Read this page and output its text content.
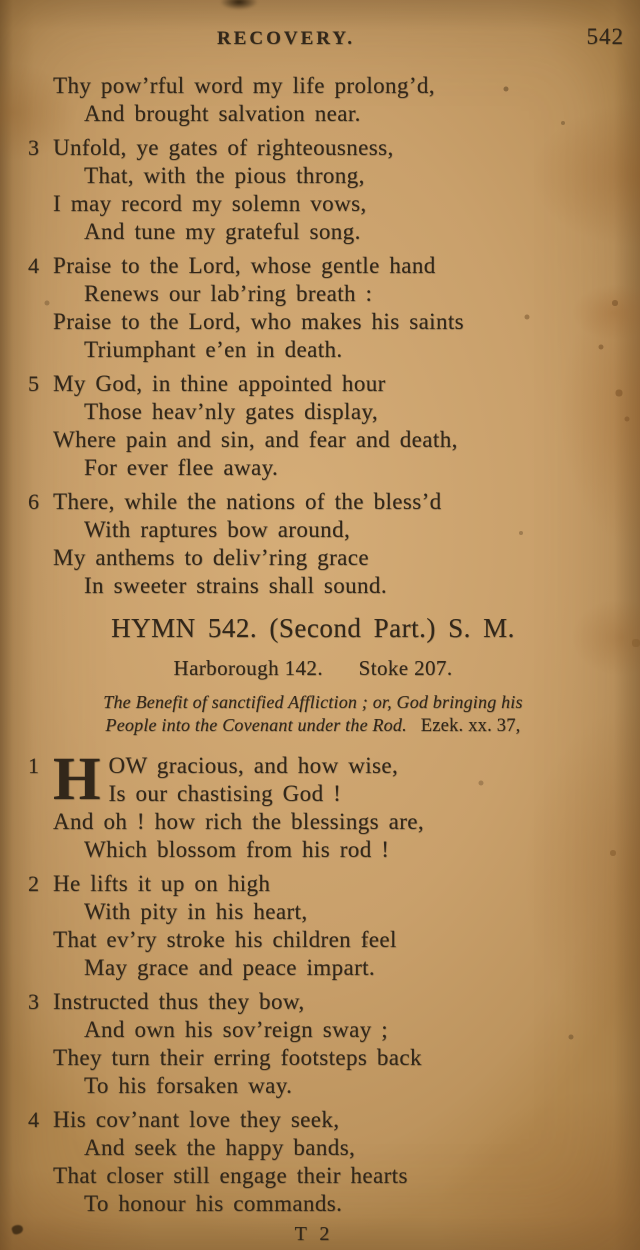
RECOVERY.	542
Thy pow’rful word my life prolong’d,
And brought salvation near.
3 Unfold, ye gates of righteousness,
That, with the pious throng,
I may record my solemn vows,
And tune my grateful song.
4 Praise to the Lord, whose gentle hand
Renews our lab’ring breath :
Praise to the Lord, who makes his saints
Triumphant e’en in death.
5 My God, in thine appointed hour
Those heav’nly gates display,
Where pain and sin, and fear and death,
For ever flee away.
6 There, while the nations of the bless’d
With raptures bow around,
My anthems to deliv’ring grace
In sweeter strains shall sound.
HYMN 542. (Second Part.) S. M.
Harborough 142. Stoke 207.
The Benefit of sanctified Affliction ; or, God bringing his
People into the Covenant under the Rod. Ezek. xx. 37,
1 H OW gracious, and how wise,
Is our chastising God !
And oh ! how rich the blessings are,
Which blossom from his rod !
2 He lifts it up on high
With pity in his heart,
That ev’ry stroke his children feel
May grace and peace impart.
3 Instructed thus they bow,
And own his sov’reign sway ;
They turn their erring footsteps back
To his forsaken way.
4 His cov’nant love they seek,
And seek the happy bands,
That closer still engage their hearts
To honour his commands.
T 2
